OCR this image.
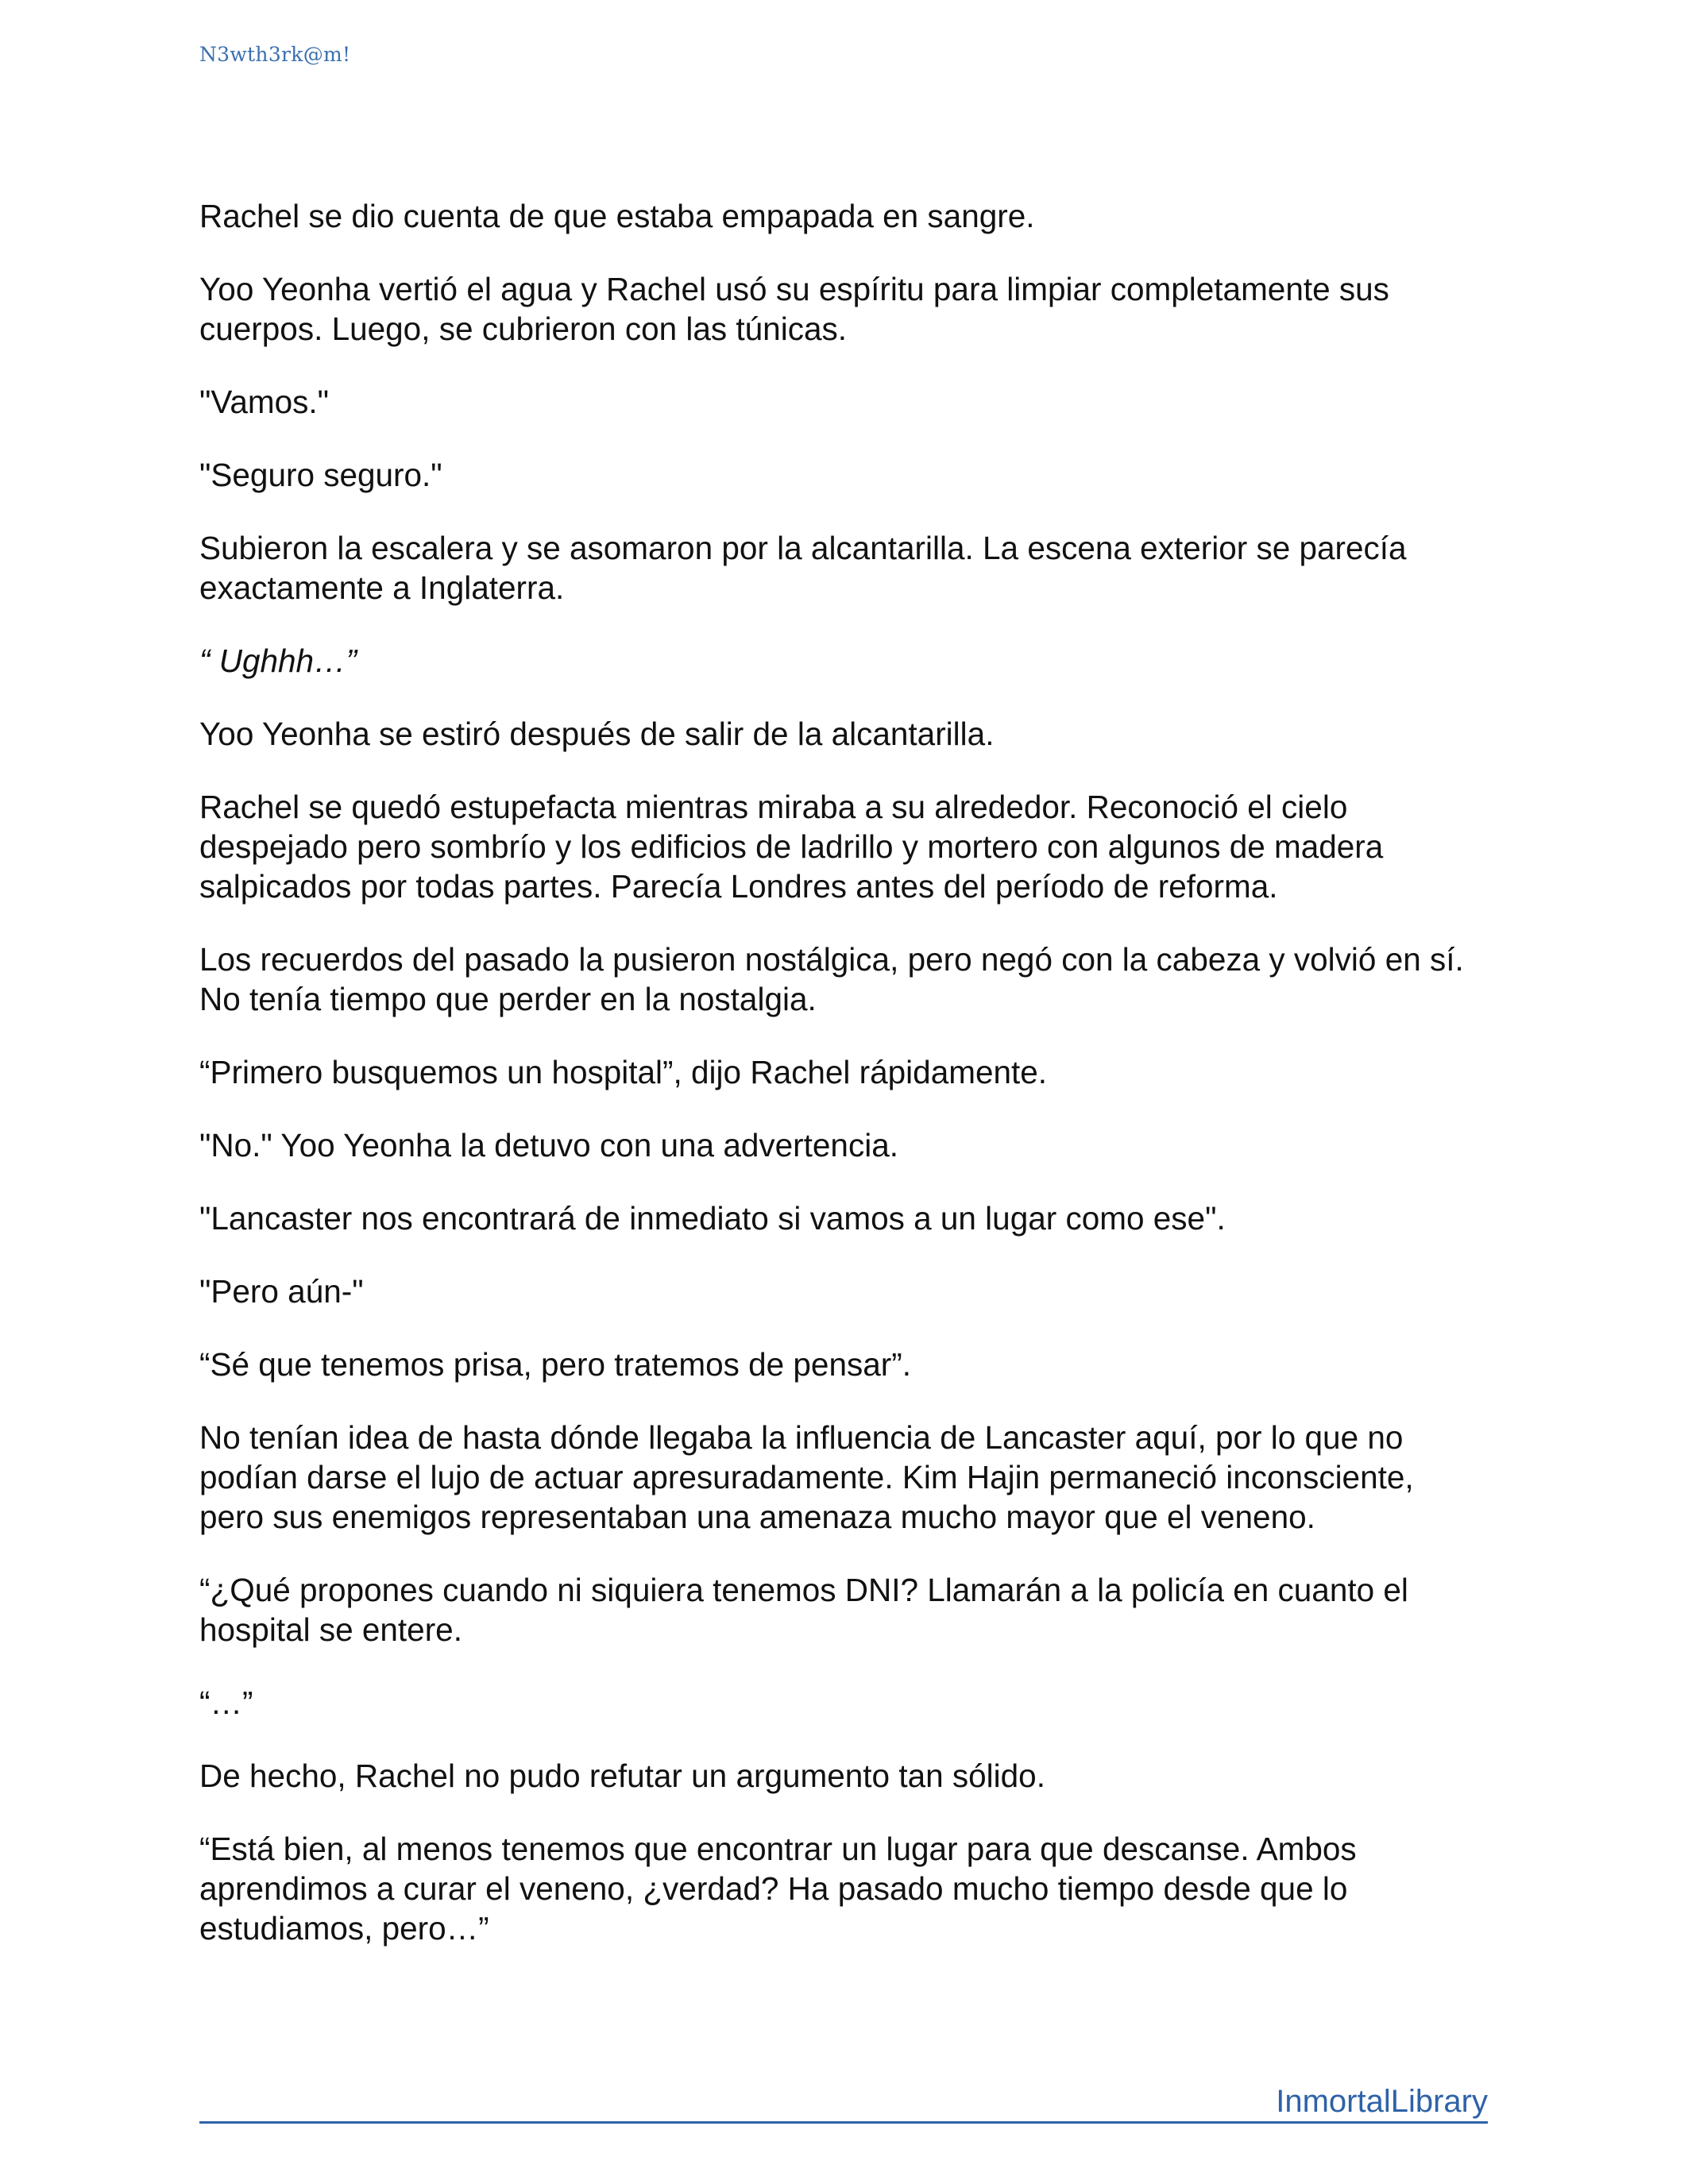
N3wth3rk@m!

Rachel se dio cuenta de que estaba empapada en sangre.

Yoo Yeonha vertió el agua y Rachel usó su espíritu para limpiar completamente sus cuerpos. Luego, se cubrieron con las túnicas.

"Vamos."

"Seguro seguro."

Subieron la escalera y se asomaron por la alcantarilla. La escena exterior se parecía exactamente a Inglaterra.

“ Ughhh…”

Yoo Yeonha se estiró después de salir de la alcantarilla.

Rachel se quedó estupefacta mientras miraba a su alrededor. Reconoció el cielo despejado pero sombrío y los edificios de ladrillo y mortero con algunos de madera salpicados por todas partes. Parecía Londres antes del período de reforma.

Los recuerdos del pasado la pusieron nostálgica, pero negó con la cabeza y volvió en sí. No tenía tiempo que perder en la nostalgia.

“Primero busquemos un hospital”, dijo Rachel rápidamente.

"No." Yoo Yeonha la detuvo con una advertencia.

"Lancaster nos encontrará de inmediato si vamos a un lugar como ese".

"Pero aún-"

“Sé que tenemos prisa, pero tratemos de pensar”.

No tenían idea de hasta dónde llegaba la influencia de Lancaster aquí, por lo que no podían darse el lujo de actuar apresuradamente. Kim Hajin permaneció inconsciente, pero sus enemigos representaban una amenaza mucho mayor que el veneno.

“¿Qué propones cuando ni siquiera tenemos DNI? Llamarán a la policía en cuanto el hospital se entere.

“…”

De hecho, Rachel no pudo refutar un argumento tan sólido.

“Está bien, al menos tenemos que encontrar un lugar para que descanse. Ambos aprendimos a curar el veneno, ¿verdad? Ha pasado mucho tiempo desde que lo estudiamos, pero…”

InmortalLibrary
